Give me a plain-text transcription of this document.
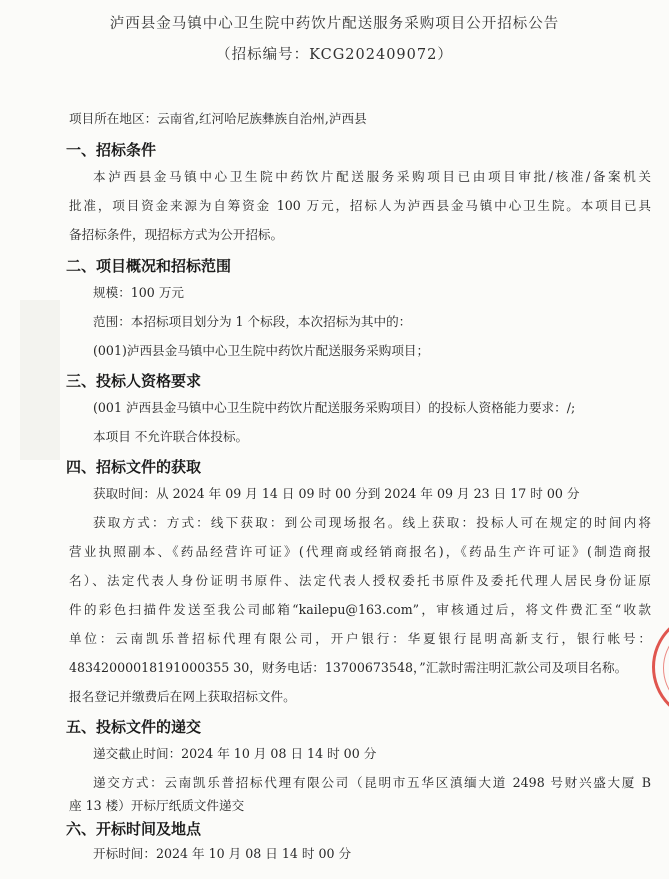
泸西县金马镇中心卫生院中药饮片配送服务采购项目公开招标公告
（招标编号：KCG202409072）
项目所在地区：云南省,红河哈尼族彝族自治州,泸西县
一、招标条件
本泸西县金马镇中心卫生院中药饮片配送服务采购项目已由项目审批/核准/备案机关
批准，项目资金来源为自筹资金 100 万元，招标人为泸西县金马镇中心卫生院。本项目已具
备招标条件，现招标方式为公开招标。
二、项目概况和招标范围
规模：100 万元
范围：本招标项目划分为 1 个标段，本次招标为其中的：
(001)泸西县金马镇中心卫生院中药饮片配送服务采购项目；
三、投标人资格要求
(001 泸西县金马镇中心卫生院中药饮片配送服务采购项目）的投标人资格能力要求：/;
本项目 不允许联合体投标。
四、招标文件的获取
获取时间：从 2024 年 09 月 14 日 09 时 00 分到 2024 年 09 月 23 日 17 时 00 分
获取方式：方式：线下获取：到公司现场报名。线上获取：投标人可在规定的时间内将
营业执照副本、《药品经营许可证》(代理商或经销商报名)，《药品生产许可证》(制造商报
名）、法定代表人身份证明书原件、法定代表人授权委托书原件及委托代理人居民身份证原
件的彩色扫描件发送至我公司邮箱“kailepu@163.com”，审核通过后，将文件费汇至“收款
单位：云南凯乐普招标代理有限公司，开户银行：华夏银行昆明高新支行，银行帐号：
48342000018191000355 30，财务电话：13700673548，”汇款时需注明汇款公司及项目名称。
报名登记并缴费后在网上获取招标文件。
五、投标文件的递交
递交截止时间：2024 年 10 月 08 日 14 时 00 分
递交方式：云南凯乐普招标代理有限公司（昆明市五华区滇缅大道 2498 号财兴盛大厦 B
座 13 楼）开标厅纸质文件递交
六、开标时间及地点
开标时间：2024 年 10 月 08 日 14 时 00 分
